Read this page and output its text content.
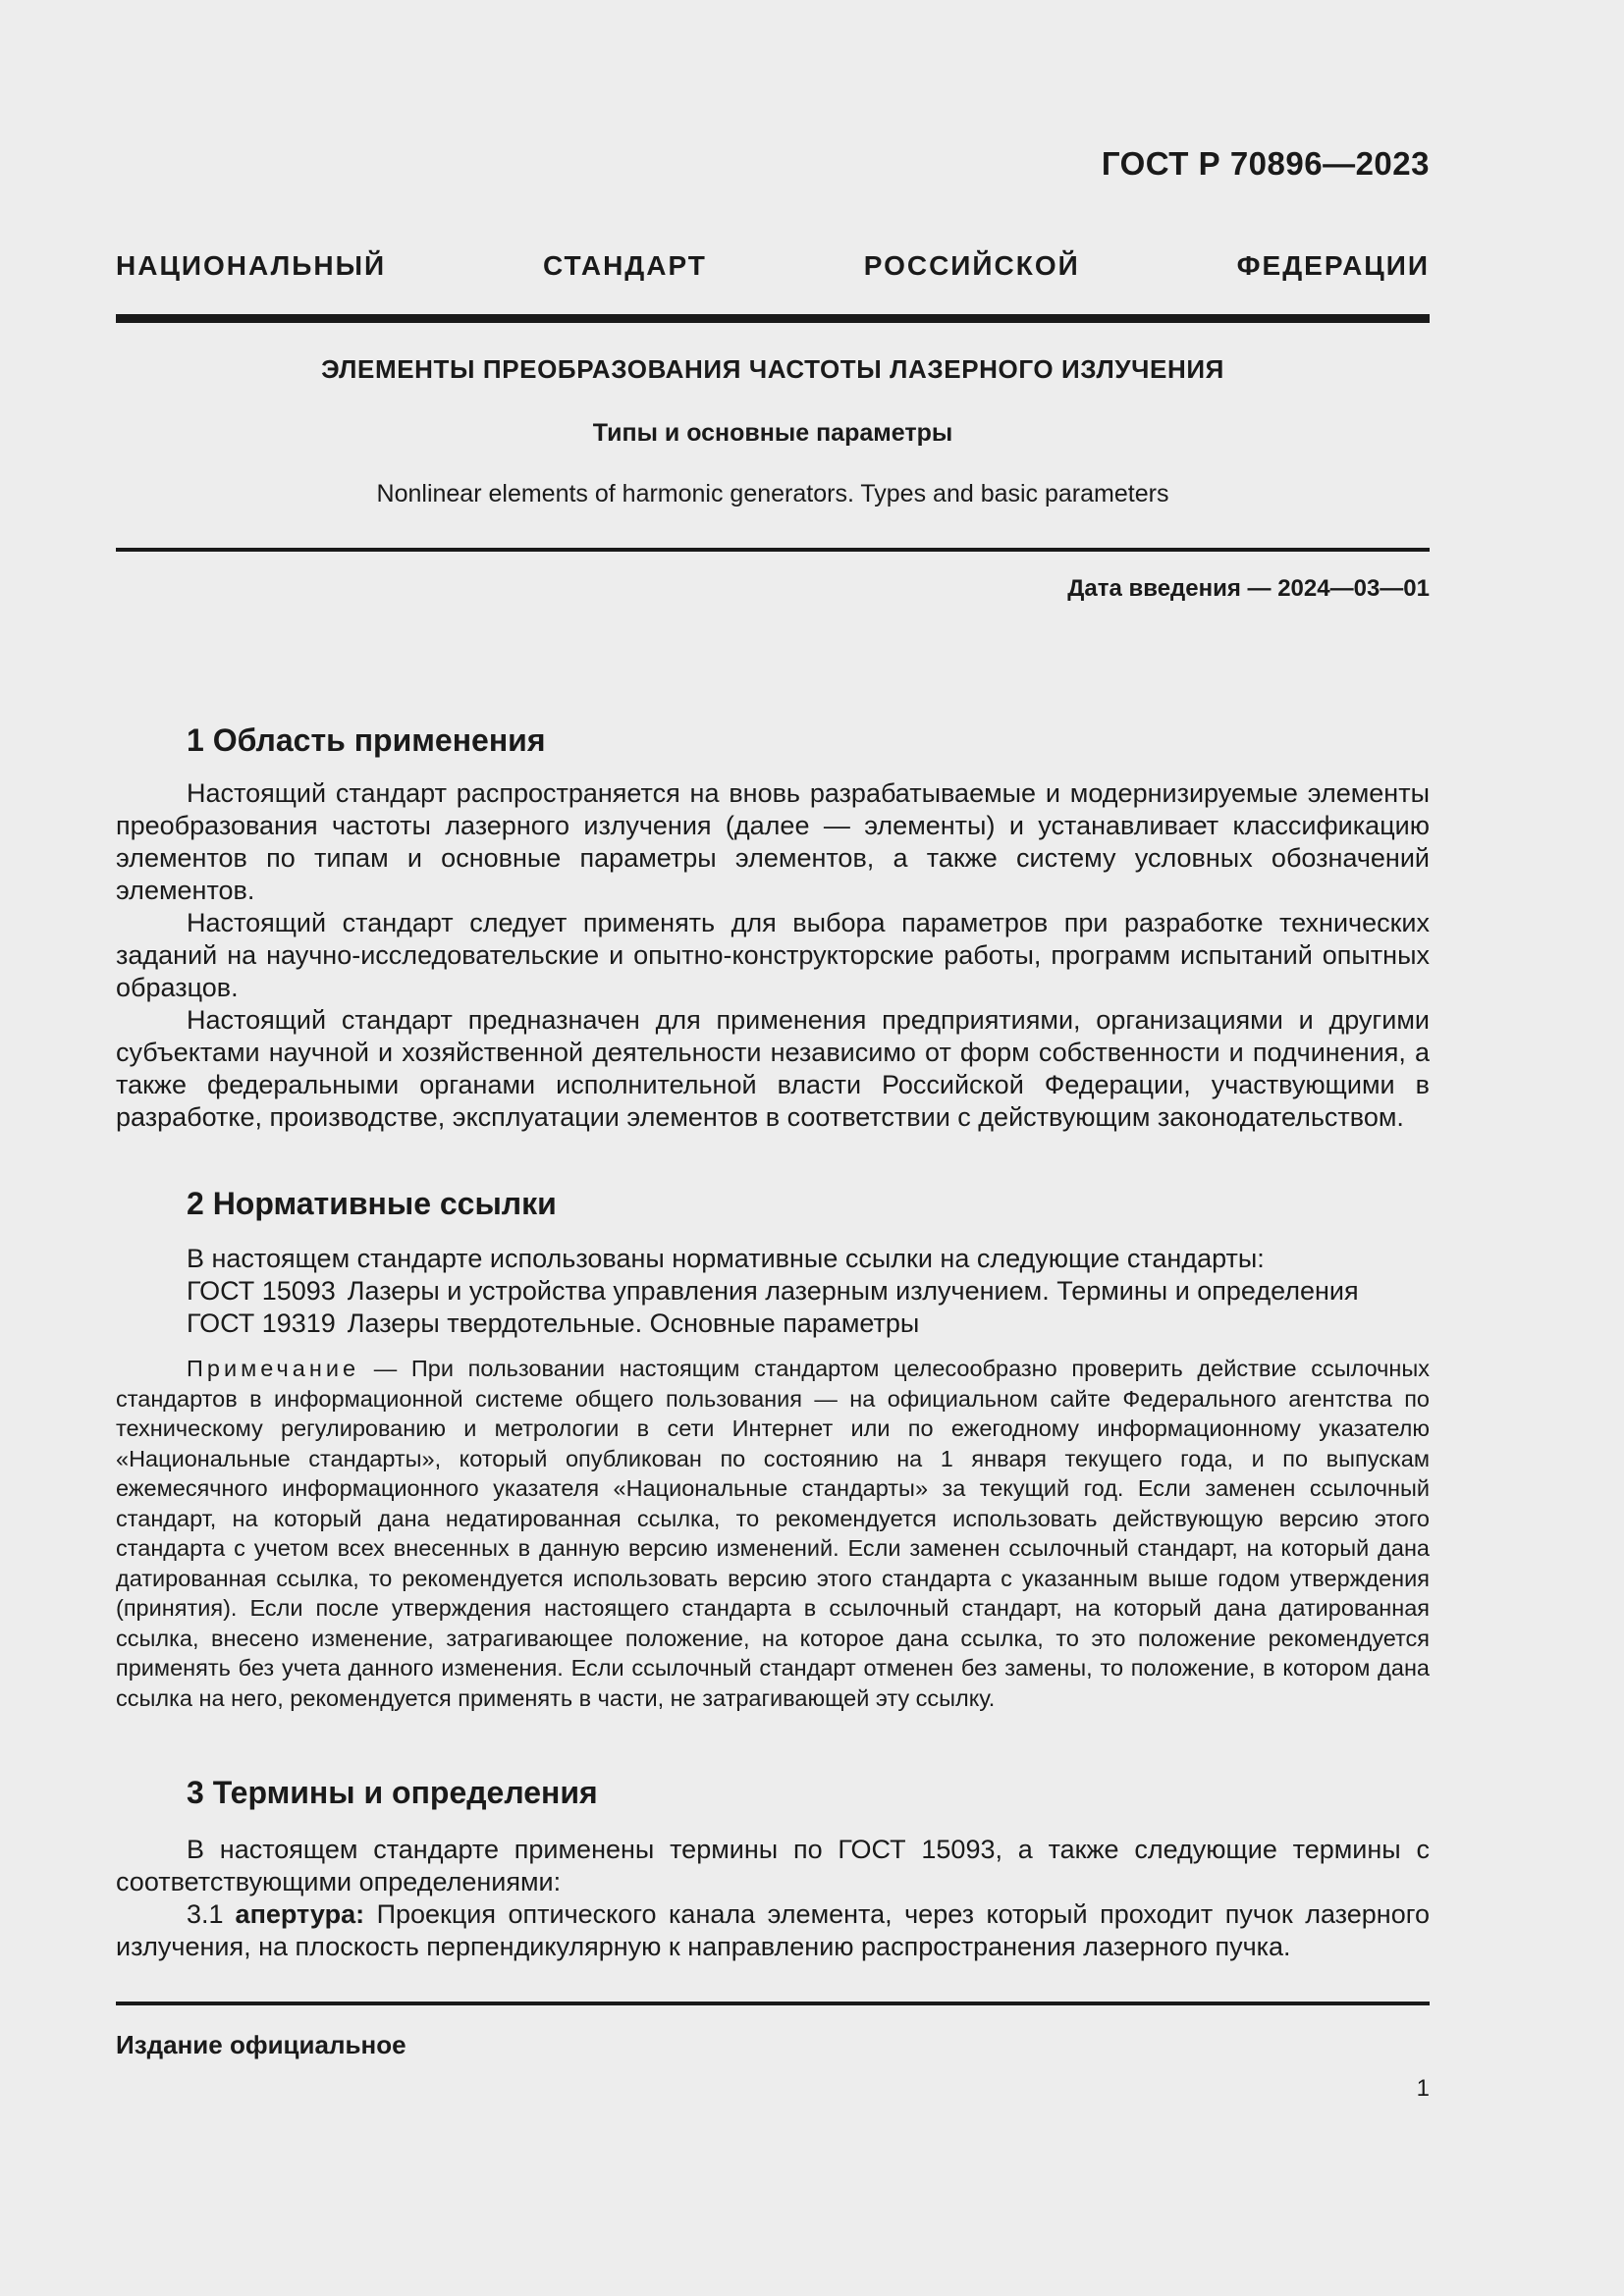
ГОСТ Р 70896—2023
НАЦИОНАЛЬНЫЙ СТАНДАРТ РОССИЙСКОЙ ФЕДЕРАЦИИ
ЭЛЕМЕНТЫ ПРЕОБРАЗОВАНИЯ ЧАСТОТЫ ЛАЗЕРНОГО ИЗЛУЧЕНИЯ
Типы и основные параметры
Nonlinear elements of harmonic generators. Types and basic parameters
Дата введения — 2024—03—01
1 Область применения

Настоящий стандарт распространяется на вновь разрабатываемые и модернизируемые элементы преобразования частоты лазерного излучения (далее — элементы) и устанавливает классификацию элементов по типам и основные параметры элементов, а также систему условных обозначений элементов.

Настоящий стандарт следует применять для выбора параметров при разработке технических заданий на научно-исследовательские и опытно-конструкторские работы, программ испытаний опытных образцов.

Настоящий стандарт предназначен для применения предприятиями, организациями и другими субъектами научной и хозяйственной деятельности независимо от форм собственности и подчинения, а также федеральными органами исполнительной власти Российской Федерации, участвующими в разработке, производстве, эксплуатации элементов в соответствии с действующим законодательством.

2 Нормативные ссылки

В настоящем стандарте использованы нормативные ссылки на следующие стандарты:

ГОСТ 15093 Лазеры и устройства управления лазерным излучением. Термины и определения

ГОСТ 19319 Лазеры твердотельные. Основные параметры

Примечание — При пользовании настоящим стандартом целесообразно проверить действие ссылочных стандартов в информационной системе общего пользования — на официальном сайте Федерального агентства по техническому регулированию и метрологии в сети Интернет или по ежегодному информационному указателю «Национальные стандарты», который опубликован по состоянию на 1 января текущего года, и по выпускам ежемесячного информационного указателя «Национальные стандарты» за текущий год. Если заменен ссылочный стандарт, на который дана недатированная ссылка, то рекомендуется использовать действующую версию этого стандарта с учетом всех внесенных в данную версию изменений. Если заменен ссылочный стандарт, на который дана датированная ссылка, то рекомендуется использовать версию этого стандарта с указанным выше годом утверждения (принятия). Если после утверждения настоящего стандарта в ссылочный стандарт, на который дана датированная ссылка, внесено изменение, затрагивающее положение, на которое дана ссылка, то это положение рекомендуется применять без учета данного изменения. Если ссылочный стандарт отменен без замены, то положение, в котором дана ссылка на него, рекомендуется применять в части, не затрагивающей эту ссылку.

3 Термины и определения

В настоящем стандарте применены термины по ГОСТ 15093, а также следующие термины с соответствующими определениями:

3.1 апертура: Проекция оптического канала элемента, через который проходит пучок лазерного излучения, на плоскость перпендикулярную к направлению распространения лазерного пучка.

Издание официальное
1
